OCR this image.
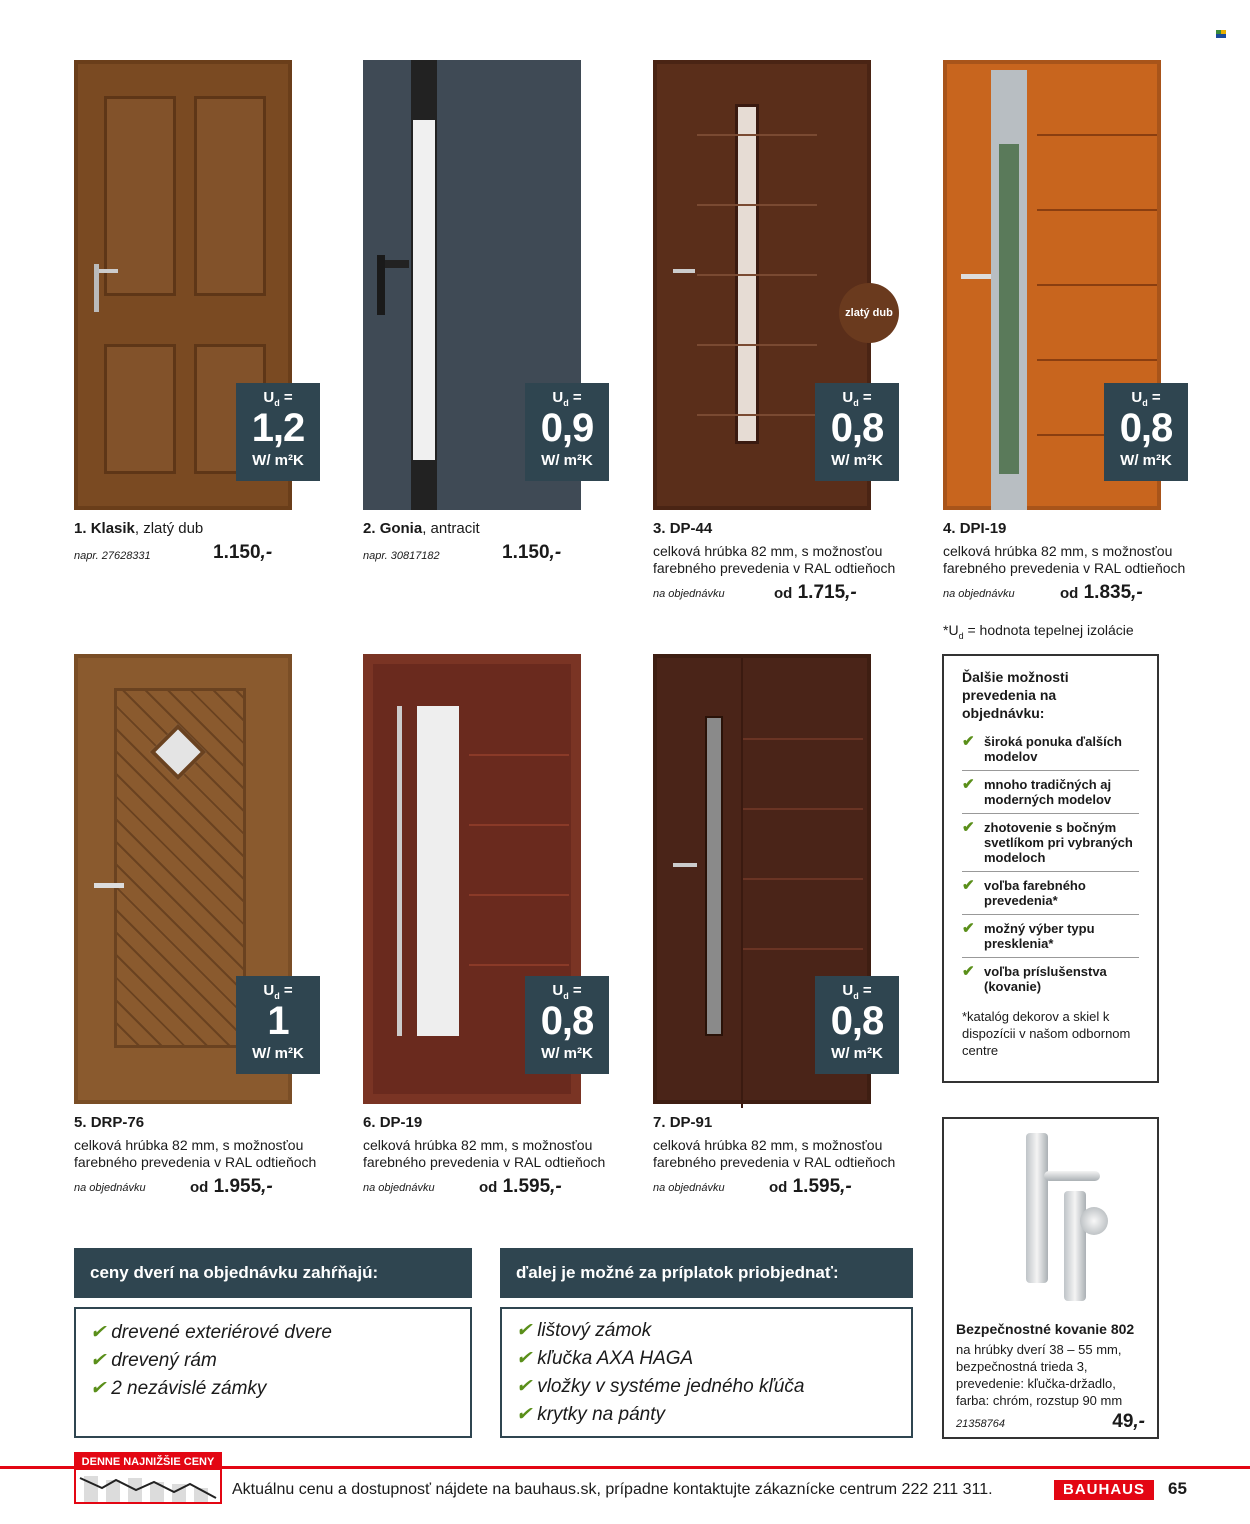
zlatý dub
$U_d$ =
1,2
W/ m²K
$U_d$ =
0,9
W/ m²K
$U_d$ =
0,8
W/ m²K
$U_d$ =
0,8
W/ m²K
1. Klasik, zlatý dub
napr. 27628331	1.150,-
2. Gonia, antracit
napr. 30817182	1.150,-
3. DP-44
celková hrúbka 82 mm, s možnosťou farebného prevedenia v RAL odtieňoch
na objednávku	od 1.715,-
4. DPI-19
celková hrúbka 82 mm, s možnosťou farebného prevedenia v RAL odtieňoch
na objednávku	od 1.835,-
$*U_d$ = hodnota tepelnej izolácie
$U_d$ =
1
W/ m²K
$U_d$ =
0,8
W/ m²K
$U_d$ =
0,8
W/ m²K
5. DRP-76
celková hrúbka 82 mm, s možnosťou farebného prevedenia v RAL odtieňoch
na objednávku	od 1.955,-
6. DP-19
celková hrúbka 82 mm, s možnosťou farebného prevedenia v RAL odtieňoch
na objednávku	od 1.595,-
7. DP-91
celková hrúbka 82 mm, s možnosťou farebného prevedenia v RAL odtieňoch
na objednávku	od 1.595,-
Ďalšie možnosti prevedenia na objednávku:
✔ široká ponuka ďalších modelov
✔ mnoho tradičných aj moderných modelov
✔ zhotovenie s bočným svetlíkom pri vybraných modeloch
✔ voľba farebného prevedenia*
✔ možný výber typu presklenia*
✔ voľba príslušenstva (kovanie)
*katalóg dekorov a skiel k dispozícii v našom odbornom centre
Bezpečnostné kovanie 802
na hrúbky dverí 38 – 55 mm, bezpečnostná trieda 3, prevedenie: kľučka-držadlo, farba: chróm, rozstup 90 mm
21358764	49,-
ceny dverí na objednávku zahŕňajú:
✔ drevené exteriérové dvere
✔ drevený rám
✔ 2 nezávislé zámky
ďalej je možné za príplatok priobjednať:
✔ lištový zámok
✔ kľučka AXA HAGA
✔ vložky v systéme jedného kľúča
✔ krytky na pánty
DENNE NAJNIŽŠIE CENY
Aktuálnu cenu a dostupnosť nájdete na bauhaus.sk, prípadne kontaktujte zákaznícke centrum 222 211 311.	BAUHAUS	65
